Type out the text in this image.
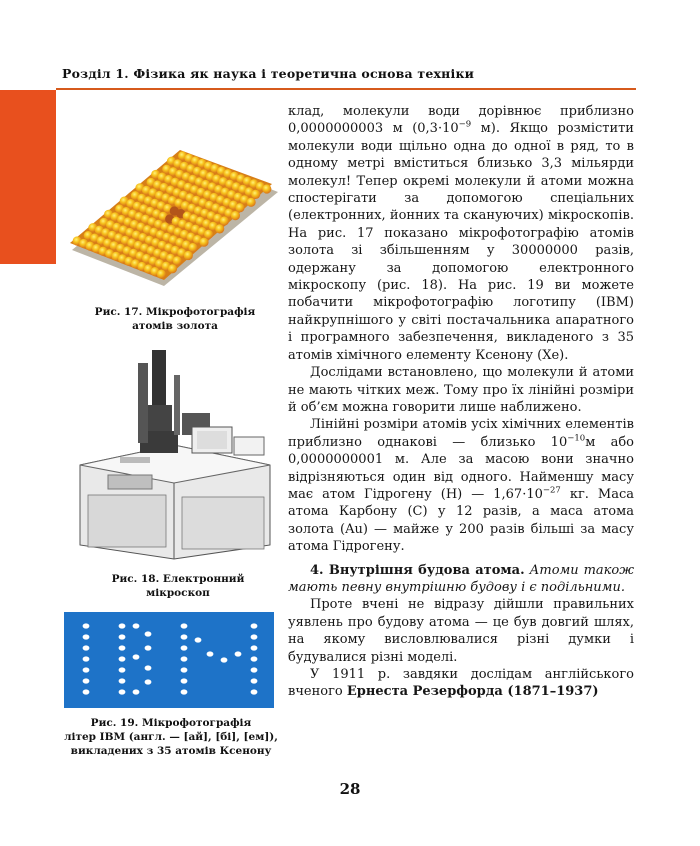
Розділ 1. Фізика як наука і теоретична основа техніки
Рис. 17. Мікрофотографія
атомів золота
Рис. 18. Електронний
мікроскоп
Рис. 19. Мікрофотографія
літер IBM (англ. — [ай], [бі], [ем]),
викладених з 35 атомів Ксенону

клад, молекули води дорівнює приблизно 0,0000000003 м ($0,3\cdot 10^{-9}$ м). Якщо розмістити молекули води щільно одна до одної в ряд, то в одному метрі вміститься близько 3,3 мільярди молекул! Тепер окремі молекули й атоми можна спостерігати за допомогою спеціальних (електронних, йонних та скануючих) мікроскопів. На рис. 17 показано мікрофотографію атомів золота зі збільшенням у 30000000 разів, одержану за допомогою електронного мікроскопу (рис. 18). На рис. 19 ви можете побачити мікрофотографію логотипу (IBM) найкрупнішого у світі постачальника апаратного і програмного забезпечення, викладеного з 35 атомів хімічного елементу Ксенону (Xe).

Дослідами встановлено, що молекули й атоми не мають чітких меж. Тому про їх лінійні розміри й об’єм можна говорити лише наближено.

Лінійні розміри атомів усіх хімічних елементів приблизно однакові — близько $10^{-10}м$ або 0,0000000001 м. Але за масою вони значно відрізняються один від одного. Найменшу масу має атом Гідрогену (H) — $1,67\cdot 10^{-27}$ кг. Маса атома Карбону (C) у 12 разів, а маса атома золота (Au) — майже у 200 разів більші за масу атома Гідрогену.

4. Внутрішня будова атома. Атоми також мають певну внутрішню будову і є подільними.

Проте вчені не відразу дійшли правильних уявлень про будову атома — це був довгий шлях, на якому висловлювалися різні думки і будувалися різні моделі.

У 1911 р. завдяки дослідам англійського вченого Ернеста Резерфорда (1871–1937)

28
